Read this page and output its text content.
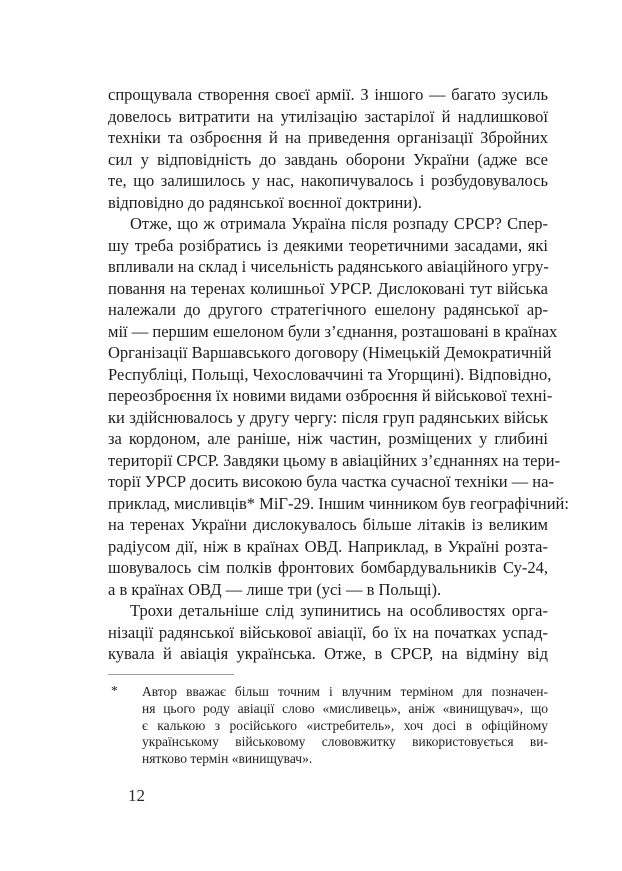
спрощувала створення своєї армії. З іншого — багато зусиль
довелось витратити на утилізацію застарілої й надлишкової
техніки та озброєння й на приведення організації Збройних
сил у відповідність до завдань оборони України (адже все
те, що залишилось у нас, накопичувалось і розбудовувалось
відповідно до радянської воєнної доктрини).
Отже, що ж отримала Україна після розпаду СРСР? Спер-
шу треба розібратись із деякими теоретичними засадами, які
впливали на склад і чисельність радянського авіаційного угру-
повання на теренах колишньої УРСР. Дислоковані тут війська
належали до другого стратегічного ешелону радянської ар-
мії — першим ешелоном були з’єднання, розташовані в країнах
Організації Варшавського договору (Німецькій Демократичній
Республіці, Польщі, Чехословаччині та Угорщині). Відповідно,
переозброєння їх новими видами озброєння й військової техні-
ки здійснювалось у другу чергу: після груп радянських військ
за кордоном, але раніше, ніж частин, розміщених у глибині
території СРСР. Завдяки цьому в авіаційних з’єднаннях на тери-
торії УРСР досить високою була частка сучасної техніки — на-
приклад, мисливців* МіГ-29. Іншим чинником був географічний:
на теренах України дислокувалось більше літаків із великим
радіусом дії, ніж в країнах ОВД. Наприклад, в Україні розта-
шовувалось сім полків фронтових бомбардувальників Су-24,
а в країнах ОВД — лише три (усі — в Польщі).
Трохи детальніше слід зупинитись на особливостях орга-
нізації радянської військової авіації, бо їх на початках успад-
кувала й авіація українська. Отже, в СРСР, на відміну від
* Автор вважає більш точним і влучним терміном для позначен-
ня цього роду авіації слово «мисливець», аніж «винищувач», що
є калькою з російського «истребитель», хоч досі в офіційному
українському військовому слововжитку використовується ви-
нятково термін «винищувач».
12
